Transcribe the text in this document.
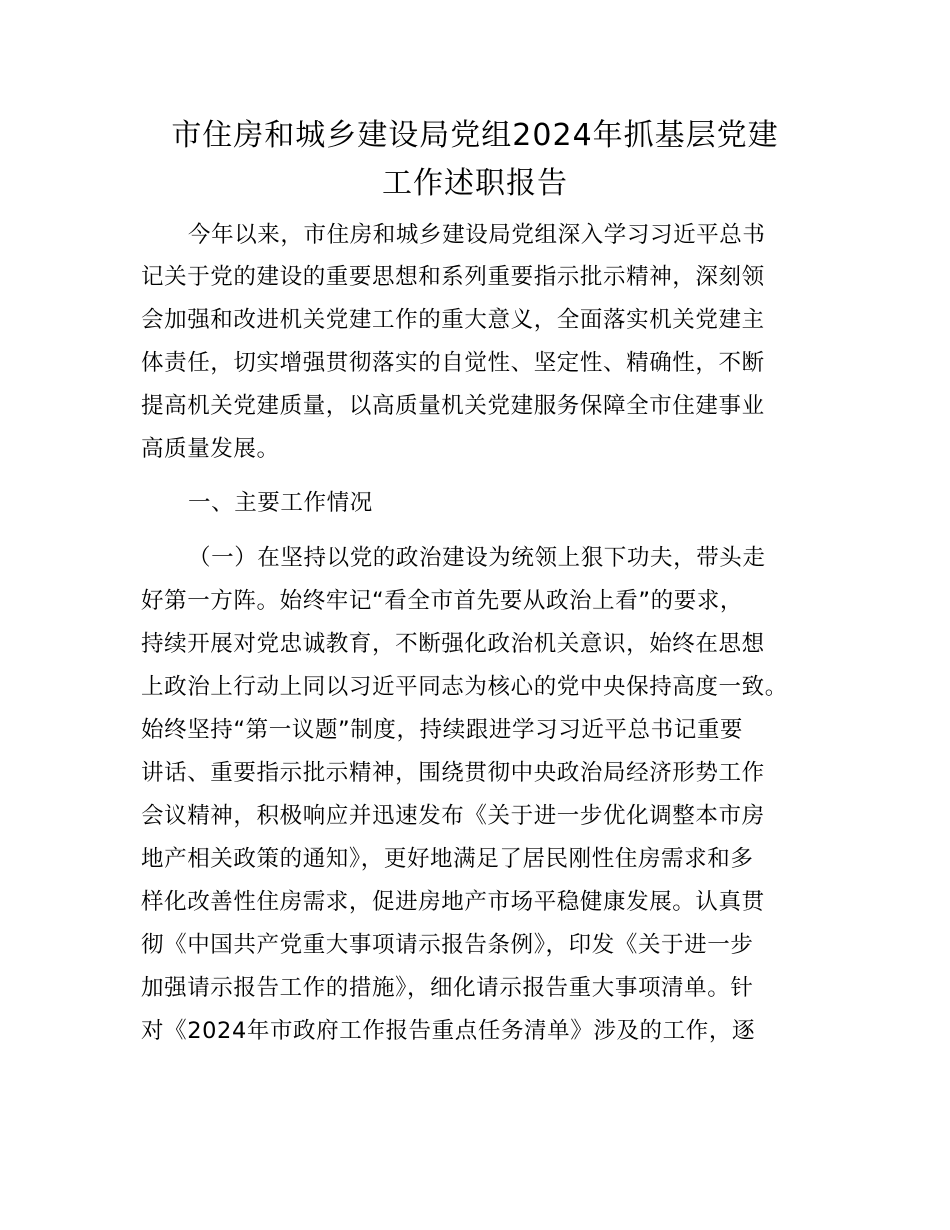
市住房和城乡建设局党组2024年抓基层党建
工作述职报告
今年以来，市住房和城乡建设局党组深入学习习近平总书
记关于党的建设的重要思想和系列重要指示批示精神，深刻领
会加强和改进机关党建工作的重大意义，全面落实机关党建主
体责任，切实增强贯彻落实的自觉性、坚定性、精确性，不断
提高机关党建质量，以高质量机关党建服务保障全市住建事业
高质量发展。
一、主要工作情况
（一）在坚持以党的政治建设为统领上狠下功夫，带头走
好第一方阵。始终牢记“看全市首先要从政治上看”的要求，
持续开展对党忠诚教育，不断强化政治机关意识，始终在思想
上政治上行动上同以习近平同志为核心的党中央保持高度一致。
始终坚持“第一议题”制度，持续跟进学习习近平总书记重要
讲话、重要指示批示精神，围绕贯彻中央政治局经济形势工作
会议精神，积极响应并迅速发布《关于进一步优化调整本市房
地产相关政策的通知》，更好地满足了居民刚性住房需求和多
样化改善性住房需求，促进房地产市场平稳健康发展。认真贯
彻《中国共产党重大事项请示报告条例》，印发《关于进一步
加强请示报告工作的措施》，细化请示报告重大事项清单。针
对《2024年市政府工作报告重点任务清单》涉及的工作，逐
